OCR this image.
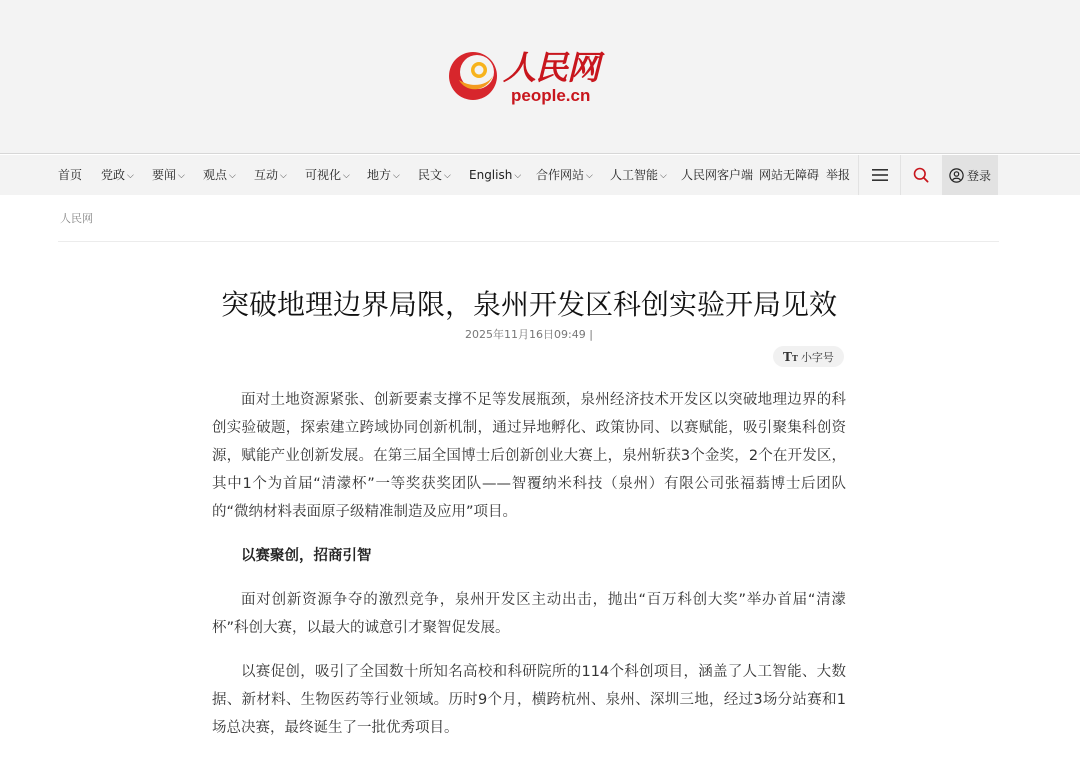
人民网
people.cn
首页 党政 ⌵ 要闻 ⌵ 观点 ⌵ 互动 ⌵ 可视化 ⌵ 地方 ⌵ 民文 ⌵ English ⌵ 合作网站 ⌵ 人工智能 ⌵ 人民网客户端 网站无障碍 举报	登录
人民网
突破地理边界局限，泉州开发区科创实验开局见效
2025年11月16日09:49 |
TT 小字号

面对土地资源紧张、创新要素支撑不足等发展瓶颈，泉州经济技术开发区以突破地理边界的科创实验破题，探索建立跨域协同创新机制，通过异地孵化、政策协同、以赛赋能，吸引聚集科创资源，赋能产业创新发展。在第三届全国博士后创新创业大赛上，泉州斩获3个金奖，2个在开发区，其中1个为首届“清濛杯”一等奖获奖团队——智覆纳米科技（泉州）有限公司张福蓊博士后团队的“微纳材料表面原子级精准制造及应用”项目。

以赛聚创，招商引智

面对创新资源争夺的激烈竞争，泉州开发区主动出击，抛出“百万科创大奖”举办首届“清濛杯”科创大赛，以最大的诚意引才聚智促发展。

以赛促创，吸引了全国数十所知名高校和科研院所的114个科创项目，涵盖了人工智能、大数据、新材料、生物医药等行业领域。历时9个月，横跨杭州、泉州、深圳三地，经过3场分站赛和1场总决赛，最终诞生了一批优秀项目。
